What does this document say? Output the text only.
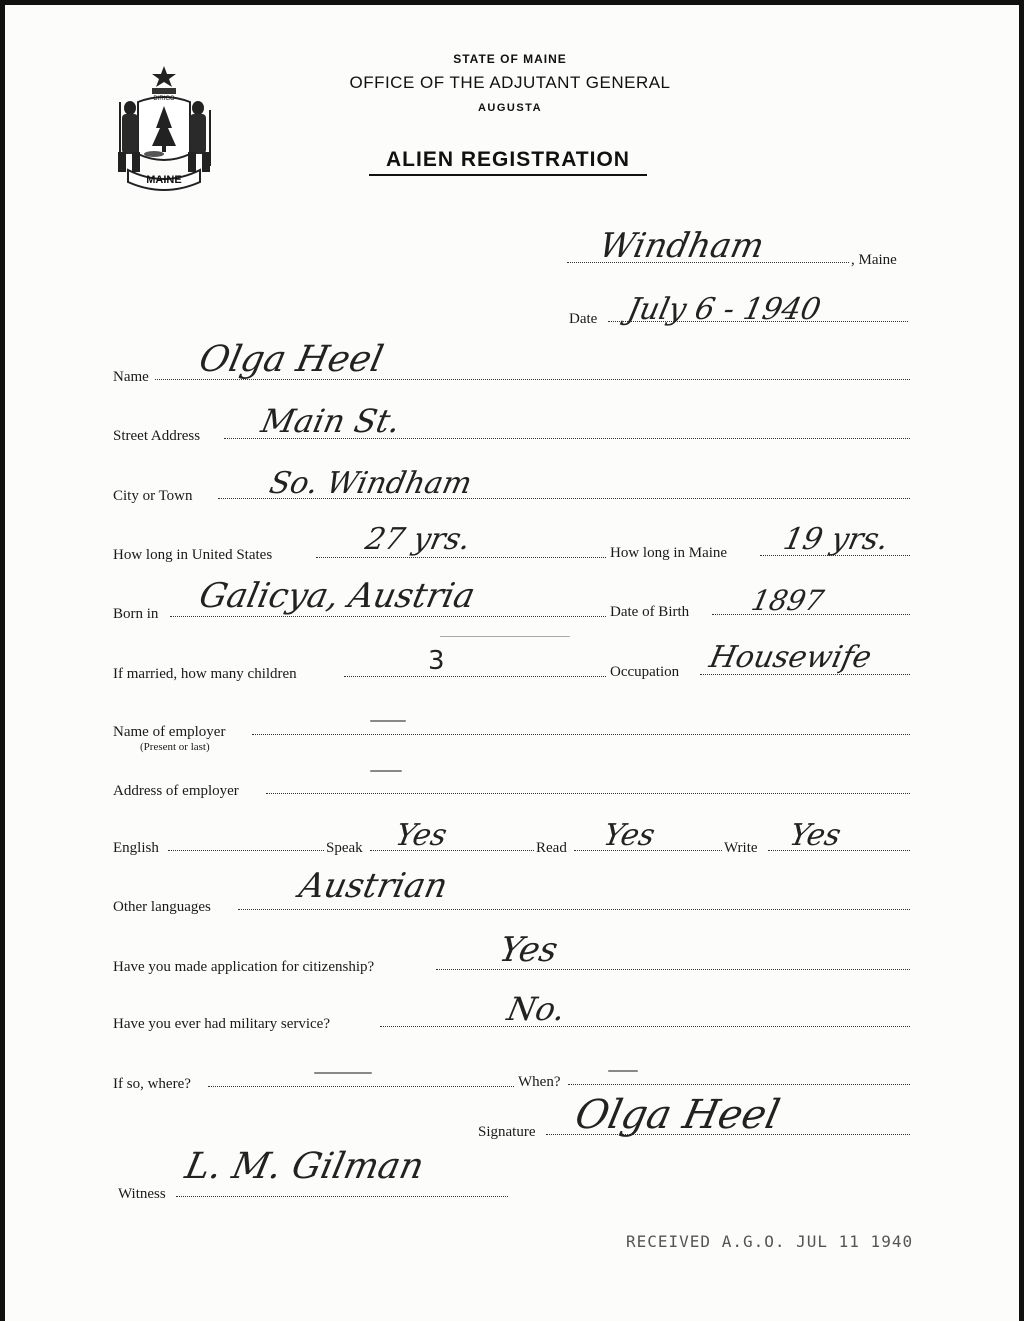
MAINE
DIRIGO
STATE OF MAINE
OFFICE OF THE ADJUTANT GENERAL
AUGUSTA
ALIEN REGISTRATION
Windham	, Maine
Date July 6 - 1940
Name Olga Heel
Street Address Main St.
City or Town So. Windham
How long in United States	27 yrs.	How long in Maine 19 yrs.
Born in Galicya, Austria	Date of Birth 1897
If married, how many children	3	Occupation Housewife
Name of employer
(Present or last)
Address of employer
English	Speak Yes	Read Yes	Write Yes
Other languages
Austrian
Have you made application for citizenship?	Yes
Have you ever had military service?	No.
If so, where?	When?
Signature Olga Heel
Witness
L. M. Gilman
RECEIVED A.G.O. JUL 11 1940
